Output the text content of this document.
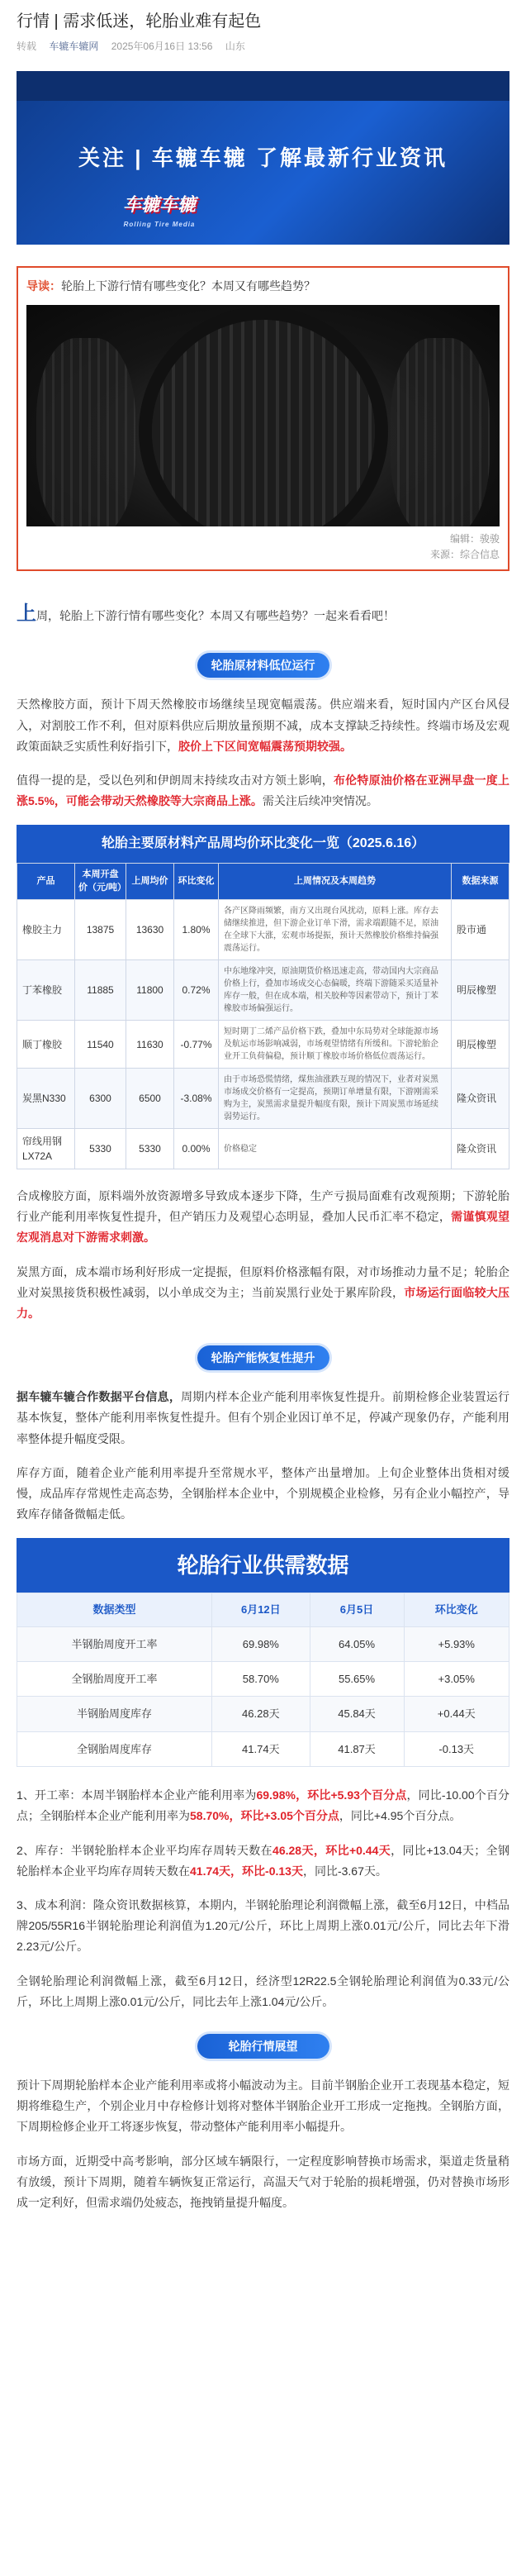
行情 | 需求低迷，轮胎业难有起色
转载 车辘车辘网 2025年06月16日 13:56 山东
关注 | 车辘车辘 了解最新行业资讯
车辘车辘
Rolling Tire Media
导读：轮胎上下游行情有哪些变化？本周又有哪些趋势？
编辑：骏骏
来源：综合信息

上周，轮胎上下游行情有哪些变化？本周又有哪些趋势？一起来看看吧！

轮胎原材料低位运行

天然橡胶方面，预计下周天然橡胶市场继续呈现宽幅震荡。供应端来看，短时国内产区台风侵入，对割胶工作不利，但对原料供应后期放量预期不减，成本支撑缺乏持续性。终端市场及宏观政策面缺乏实质性利好指引下，胶价上下区间宽幅震荡预期较强。

值得一提的是，受以色列和伊朗周末持续攻击对方领土影响，布伦特原油价格在亚洲早盘一度上涨5.5%，可能会带动天然橡胶等大宗商品上涨。需关注后续冲突情况。

轮胎主要原材料产品周均价环比变化一览（2025.6.16）
产品	本周开盘价（元/吨）	上周均价	环比变化	上周情况及本周趋势	数据来源
橡胶主力	13875	13630	1.80%	各产区降雨频繁，南方又出现台风扰动，原料上涨。库存去储继续推进，但下游企业订单下滑，需求端跟随不足，原油在全球下大涨，宏观市场提振，预计天然橡胶价格维持偏强震荡运行。	股市通
丁苯橡胶	11885	11800	0.72%	中东地缘冲突，原油期货价格迅速走高，带动国内大宗商品价格上行，叠加市场成交心态偏暖，终端下游随采买适量补库存一般，但在成本端，相关胶种等因素带动下，预计丁苯橡胶市场偏强运行。	明辰橡塑
顺丁橡胶	11540	11630	-0.77%	短时期丁二烯产品价格下跌，叠加中东局势对全球能源市场及航运市场影响减弱，市场观望情绪有所缓和。下游轮胎企业开工负荷偏稳，预计顺丁橡胶市场价格低位震荡运行。	明辰橡塑
炭黑N330	6300	6500	-3.08%	由于市场恐慌情绪，煤焦油涨跌互现的情况下，业者对炭黑市场成交价格有一定提高，预期订单增量有限，下游刚需采购为主，炭黑需求量提升幅度有限，预计下周炭黑市场延续弱势运行。	隆众资讯
帘线用钢LX72A	5330	5330	0.00%	价格稳定	隆众资讯

合成橡胶方面，原料端外放资源增多导致成本逐步下降，生产亏损局面难有改观预期；下游轮胎行业产能利用率恢复性提升，但产销压力及观望心态明显，叠加人民币汇率不稳定，需谨慎观望宏观消息对下游需求刺激。

炭黑方面，成本端市场利好形成一定提振，但原料价格涨幅有限，对市场推动力量不足；轮胎企业对炭黑接货积极性减弱，以小单成交为主；当前炭黑行业处于累库阶段，市场运行面临较大压力。

轮胎产能恢复性提升

据车辘车辘合作数据平台信息，周期内样本企业产能利用率恢复性提升。前期检修企业装置运行基本恢复，整体产能利用率恢复性提升。但有个别企业因订单不足，停减产现象仍存，产能利用率整体提升幅度受限。

库存方面，随着企业产能利用率提升至常规水平，整体产出量增加。上旬企业整体出货相对缓慢，成品库存常规性走高态势，全钢胎样本企业中，个别规模企业检修，另有企业小幅控产，导致库存储备微幅走低。

轮胎行业供需数据
数据类型	6月12日	6月5日	环比变化
半钢胎周度开工率	69.98%	64.05%	+5.93%
全钢胎周度开工率	58.70%	55.65%	+3.05%
半钢胎周度库存	46.28天	45.84天	+0.44天
全钢胎周度库存	41.74天	41.87天	-0.13天

1、开工率：本周半钢胎样本企业产能利用率为69.98%，环比+5.93个百分点，同比-10.00个百分点；全钢胎样本企业产能利用率为58.70%，环比+3.05个百分点，同比+4.95个百分点。

2、库存：半钢轮胎样本企业平均库存周转天数在46.28天，环比+0.44天，同比+13.04天；全钢轮胎样本企业平均库存周转天数在41.74天，环比-0.13天，同比-3.67天。

3、成本利润：隆众资讯数据核算，本期内，半钢轮胎理论利润微幅上涨，截至6月12日，中档品牌205/55R16半钢轮胎理论利润值为1.20元/公斤，环比上周期上涨0.01元/公斤，同比去年下滑2.23元/公斤。

全钢轮胎理论利润微幅上涨，截至6月12日，经济型12R22.5全钢轮胎理论利润值为0.33元/公斤，环比上周期上涨0.01元/公斤，同比去年上涨1.04元/公斤。

轮胎行情展望

预计下周期轮胎样本企业产能利用率或将小幅波动为主。目前半钢胎企业开工表现基本稳定，短期将维稳生产，个别企业月中存检修计划将对整体半钢胎企业开工形成一定拖拽。全钢胎方面，下周期检修企业开工将逐步恢复，带动整体产能利用率小幅提升。

市场方面，近期受中高考影响，部分区域车辆限行，一定程度影响替换市场需求，渠道走货量稍有放缓，预计下周期，随着车辆恢复正常运行，高温天气对于轮胎的损耗增强，仍对替换市场形成一定利好，但需求端仍处疲态，拖拽销量提升幅度。
